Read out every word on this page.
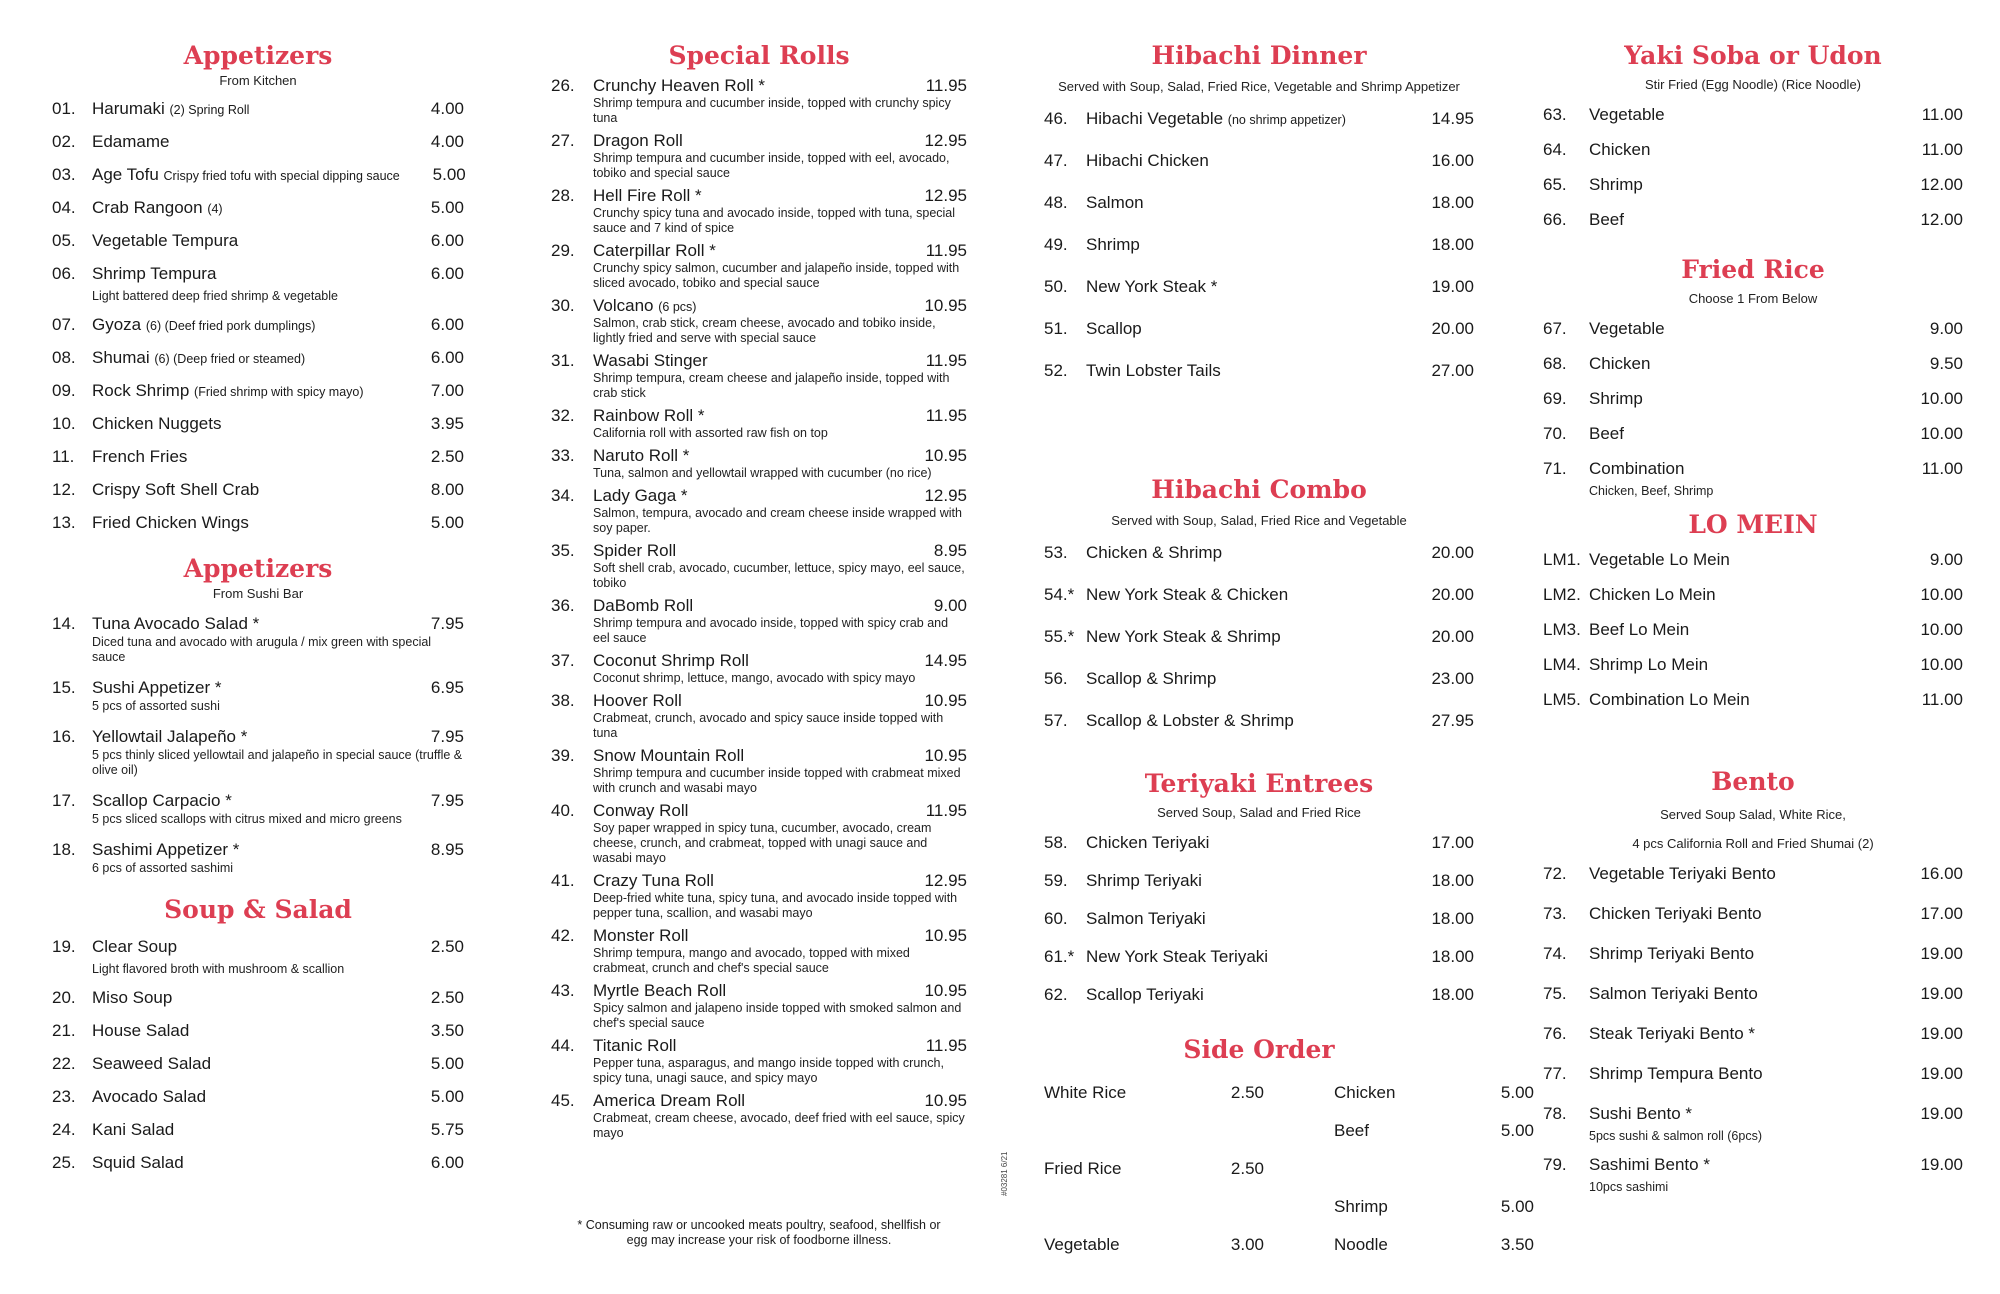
Appetizers
From Kitchen
01. Harumaki (2) Spring Roll	4.00
02. Edamame	4.00
03. Age Tofu Crispy fried tofu with special dipping sauce	5.00
04. Crab Rangoon (4)	5.00
05. Vegetable Tempura	6.00
06. Shrimp Tempura	6.00
Light battered deep fried shrimp & vegetable
07. Gyoza (6) (Deef fried pork dumplings)	6.00
08. Shumai (6) (Deep fried or steamed)	6.00
09. Rock Shrimp (Fried shrimp with spicy mayo)	7.00
10. Chicken Nuggets	3.95
11.	French Fries	2.50
12. Crispy Soft Shell Crab	8.00
13. Fried Chicken Wings	5.00
Appetizers
From Sushi Bar
14. Tuna Avocado Salad *	7.95
Diced tuna and avocado with arugula / mix green with special sauce
15. Sushi Appetizer *	6.95
5 pcs of assorted sushi
16. Yellowtail Jalapeño *	7.95
5 pcs thinly sliced yellowtail and jalapeño in special sauce (truffle & olive oil)
17. Scallop Carpacio *	7.95
5 pcs sliced scallops with citrus mixed and micro greens
18. Sashimi Appetizer *	8.95
6 pcs of assorted sashimi
Soup & Salad
19. Clear Soup	2.50
Light flavored broth with mushroom & scallion
20. Miso Soup	2.50
21. House Salad	3.50
22. Seaweed Salad	5.00
23. Avocado Salad	5.00
24. Kani Salad	5.75
25. Squid Salad	6.00
Special Rolls
26.	Crunchy Heaven Roll *	11.95
Shrimp tempura and cucumber inside, topped with crunchy spicy tuna
27.	Dragon Roll	12.95
Shrimp tempura and cucumber inside, topped with eel, avocado, tobiko and special sauce
28.	Hell Fire Roll *	12.95
Crunchy spicy tuna and avocado inside, topped with tuna, special sauce and 7 kind of spice
29.	Caterpillar Roll *	11.95
Crunchy spicy salmon, cucumber and jalapeño inside, topped with sliced avocado, tobiko and special sauce
30.	Volcano (6 pcs)	10.95
Salmon, crab stick, cream cheese, avocado and tobiko inside, lightly fried and serve with special sauce
31.	Wasabi Stinger	11.95
Shrimp tempura, cream cheese and jalapeño inside, topped with crab stick
32.	Rainbow Roll *	11.95
California roll with assorted raw fish on top
33.	Naruto Roll *	10.95
Tuna, salmon and yellowtail wrapped with cucumber (no rice)
34.	Lady Gaga *	12.95
Salmon, tempura, avocado and cream cheese inside wrapped with soy paper.
35.	Spider Roll	8.95
Soft shell crab, avocado, cucumber, lettuce, spicy mayo, eel sauce, tobiko
36.	DaBomb Roll	9.00
Shrimp tempura and avocado inside, topped with spicy crab and eel sauce
37.	Coconut Shrimp Roll	14.95
Coconut shrimp, lettuce, mango, avocado with spicy mayo
38.	Hoover Roll	10.95
Crabmeat, crunch, avocado and spicy sauce inside topped with tuna
39.	Snow Mountain Roll	10.95
Shrimp tempura and cucumber inside topped with crabmeat mixed with crunch and wasabi mayo
40.	Conway Roll	11.95
Soy paper wrapped in spicy tuna, cucumber, avocado, cream cheese, crunch, and crabmeat, topped with unagi sauce and wasabi mayo
41.	Crazy Tuna Roll	12.95
Deep-fried white tuna, spicy tuna, and avocado inside topped with pepper tuna, scallion, and wasabi mayo
42.	Monster Roll	10.95
Shrimp tempura, mango and avocado, topped with mixed crabmeat, crunch and chef's special sauce
43.	Myrtle Beach Roll	10.95
Spicy salmon and jalapeno inside topped with smoked salmon and chef's special sauce
44.	Titanic Roll	11.95
Pepper tuna, asparagus, and mango inside topped with crunch, spicy tuna, unagi sauce, and spicy mayo
45.	America Dream Roll	10.95
Crabmeat, cream cheese, avocado, deef fried with eel sauce, spicy mayo
* Consuming raw or uncooked meats poultry, seafood, shellfish or egg may increase your risk of foodborne illness.
#03281 6/21
Hibachi Dinner
Served with Soup, Salad, Fried Rice, Vegetable and Shrimp Appetizer
46.	Hibachi Vegetable (no shrimp appetizer)	14.95
47.	Hibachi Chicken	16.00
48.	Salmon	18.00
49.	Shrimp	18.00
50.	New York Steak *	19.00
51.	Scallop	20.00
52.	Twin Lobster Tails	27.00
Hibachi Combo
Served with Soup, Salad, Fried Rice and Vegetable
53.	Chicken & Shrimp	20.00
54.* New York Steak & Chicken	20.00
55.* New York Steak & Shrimp	20.00
56.	Scallop & Shrimp	23.00
57.	Scallop & Lobster & Shrimp	27.95
Teriyaki Entrees
Served Soup, Salad and Fried Rice
58.	Chicken Teriyaki	17.00
59.	Shrimp Teriyaki	18.00
60.	Salmon Teriyaki	18.00
61.* New York Steak Teriyaki	18.00
62.	Scallop Teriyaki	18.00
Side Order
White Rice	2.50	Chicken	5.00
Beef	5.00
Fried Rice	2.50
Shrimp	5.00
Vegetable	3.00	Noodle	3.50
Yaki Soba or Udon
Stir Fried (Egg Noodle) (Rice Noodle)
63.	Vegetable	11.00
64.	Chicken	11.00
65.	Shrimp	12.00
66.	Beef	12.00
Fried Rice
Choose 1 From Below
67.	Vegetable	9.00
68.	Chicken	9.50
69.	Shrimp	10.00
70.	Beef	10.00
71.	Combination	11.00
Chicken, Beef, Shrimp
LO MEIN
LM1. Vegetable Lo Mein	9.00
LM2. Chicken Lo Mein	10.00
LM3. Beef Lo Mein	10.00
LM4. Shrimp Lo Mein	10.00
LM5. Combination Lo Mein	11.00
Bento
Served Soup Salad, White Rice,
4 pcs California Roll and Fried Shumai (2)
72.	Vegetable Teriyaki Bento	16.00
73.	Chicken Teriyaki Bento	17.00
74.	Shrimp Teriyaki Bento	19.00
75.	Salmon Teriyaki Bento	19.00
76.	Steak Teriyaki Bento *	19.00
77.	Shrimp Tempura Bento	19.00
78.	Sushi Bento *	19.00
5pcs sushi & salmon roll (6pcs)
79.	Sashimi Bento *	19.00
10pcs sashimi
